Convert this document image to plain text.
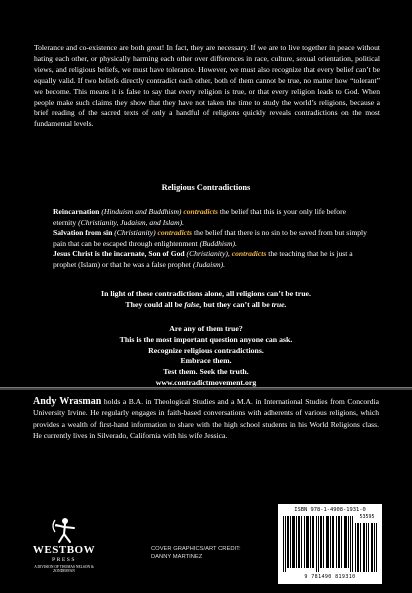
Tolerance and co-existence are both great! In fact, they are necessary. If we are to live together in peace without hating each other, or physically harming each other over differences in race, culture, sexual orientation, political views, and religious beliefs, we must have tolerance. However, we must also recognize that every belief can’t be equally valid. If two beliefs directly contradict each other, both of them cannot be true, no matter how “tolerant” we become. This means it is false to say that every religion is true, or that every religion leads to God. When people make such claims they show that they have not taken the time to study the world’s religions, because a brief reading of the sacred texts of only a handful of religions quickly reveals contradictions on the most fundamental levels.
Religious Contradictions

Reincarnation (Hinduism and Buddhism) contradicts the belief that this is your only life before eternity (Christianity, Judaism, and Islam).

Salvation from sin (Christianity) contradicts the belief that there is no sin to be saved from but simply pain that can be escaped through enlightenment (Buddhism).

Jesus Christ is the incarnate, Son of God (Christianity), contradicts the teaching that he is just a prophet (Islam) or that he was a false prophet (Judaism).

In light of these contradictions alone, all religions can’t be true.
They could all be false, but they can’t all be true.
Are any of them true?
This is the most important question anyone can ask.
Recognize religious contradictions.
Embrace them.
Test them. Seek the truth.
www.contradictmovement.org
Andy Wrasman holds a B.A. in Theological Studies and a M.A. in International Studies from Concordia University Irvine. He regularly engages in faith-based conversations with adherents of various religions, which provides a wealth of first-hand information to share with the high school students in his World Religions class. He currently lives in Silverado, California with his wife Jessica.
WESTBOW
PRESS
A DIVISION OF THOMAS NELSON & ZONDERVAN
COVER GRAPHICS/ART CREDIT:
DANNY MARTINEZ
ISBN 978-1-4908-1931-0
53595
9 781490 819310
